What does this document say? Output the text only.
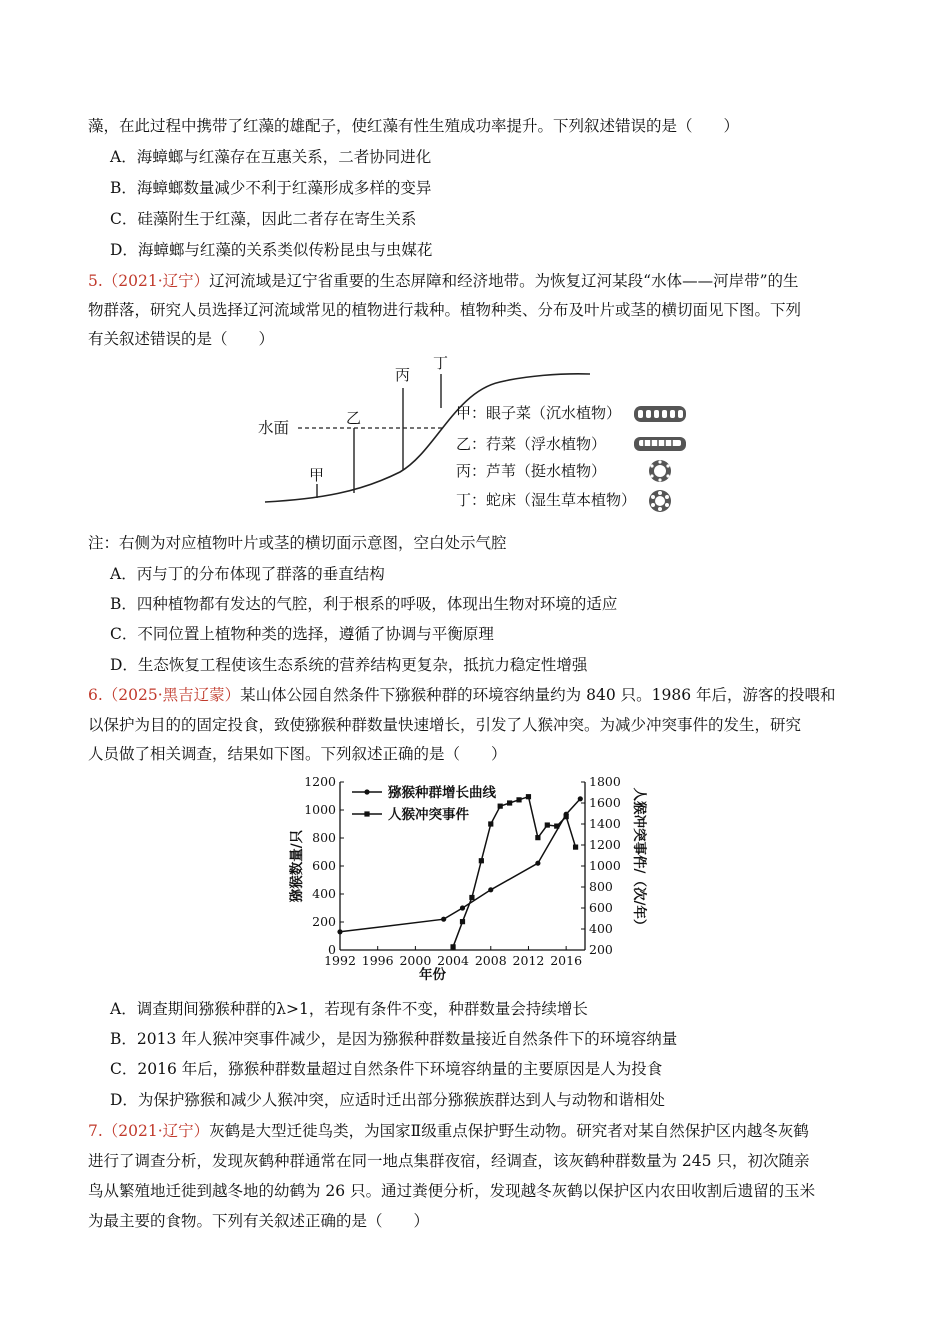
藻，在此过程中携带了红藻的雄配子，使红藻有性生殖成功率提升。下列叙述错误的是（　　）
A．海蟑螂与红藻存在互惠关系，二者协同进化
B．海蟑螂数量减少不利于红藻形成多样的变异
C．硅藻附生于红藻，因此二者存在寄生关系
D．海蟑螂与红藻的关系类似传粉昆虫与虫媒花
5.（2021·辽宁）辽河流域是辽宁省重要的生态屏障和经济地带。为恢复辽河某段“水体——河岸带”的生
物群落，研究人员选择辽河流域常见的植物进行栽种。植物种类、分布及叶片或茎的横切面见下图。下列
有关叙述错误的是（　　）
水面
甲
乙
丙
丁
甲：眼子菜（沉水植物）
乙：荇菜（浮水植物）
丙：芦苇（挺水植物）
丁：蛇床（湿生草本植物）
注：右侧为对应植物叶片或茎的横切面示意图，空白处示气腔
A．丙与丁的分布体现了群落的垂直结构
B．四种植物都有发达的气腔，利于根系的呼吸，体现出生物对环境的适应
C．不同位置上植物种类的选择，遵循了协调与平衡原理
D．生态恢复工程使该生态系统的营养结构更复杂，抵抗力稳定性增强
6.（2025·黑吉辽蒙）某山体公园自然条件下猕猴种群的环境容纳量约为 840 只。1986 年后，游客的投喂和
以保护为目的的固定投食，致使猕猴种群数量快速增长，引发了人猴冲突。为减少冲突事件的发生，研究
人员做了相关调查，结果如下图。下列叙述正确的是（　　）
0
200
400
600
800
1000
1200
200
400
600
800
1000
1200
1400
1600
1800
1992 1996 2000 2004 2008 2012 2016
年份
猕猴数量/只	人猴冲突事件/（次/年）
猕猴种群增长曲线
人猴冲突事件
A．调查期间猕猴种群的λ>1，若现有条件不变，种群数量会持续增长
B．2013 年人猴冲突事件减少，是因为猕猴种群数量接近自然条件下的环境容纳量
C．2016 年后，猕猴种群数量超过自然条件下环境容纳量的主要原因是人为投食
D．为保护猕猴和减少人猴冲突，应适时迁出部分猕猴族群达到人与动物和谐相处
7.（2021·辽宁）灰鹤是大型迁徙鸟类，为国家Ⅱ级重点保护野生动物。研究者对某自然保护区内越冬灰鹤
进行了调查分析，发现灰鹤种群通常在同一地点集群夜宿，经调查，该灰鹤种群数量为 245 只，初次随亲
鸟从繁殖地迁徙到越冬地的幼鹤为 26 只。通过粪便分析，发现越冬灰鹤以保护区内农田收割后遗留的玉米
为最主要的食物。下列有关叙述正确的是（　　）
